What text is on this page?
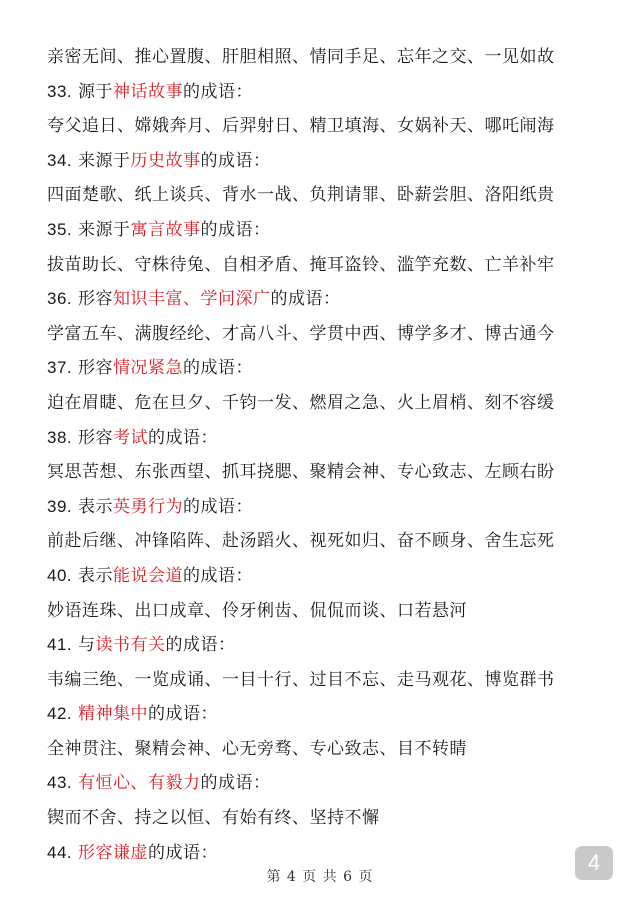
亲密无间、推心置腹、肝胆相照、情同手足、忘年之交、一见如故
33. 源于神话故事的成语：
夸父追日、嫦娥奔月、后羿射日、精卫填海、女娲补天、哪吒闹海
34. 来源于历史故事的成语：
四面楚歌、纸上谈兵、背水一战、负荆请罪、卧薪尝胆、洛阳纸贵
35. 来源于寓言故事的成语：
拔苗助长、守株待兔、自相矛盾、掩耳盗铃、滥竽充数、亡羊补牢
36. 形容知识丰富、学问深广的成语：
学富五车、满腹经纶、才高八斗、学贯中西、博学多才、博古通今
37. 形容情况紧急的成语：
迫在眉睫、危在旦夕、千钧一发、燃眉之急、火上眉梢、刻不容缓
38. 形容考试的成语：
冥思苦想、东张西望、抓耳挠腮、聚精会神、专心致志、左顾右盼
39. 表示英勇行为的成语：
前赴后继、冲锋陷阵、赴汤蹈火、视死如归、奋不顾身、舍生忘死
40. 表示能说会道的成语：
妙语连珠、出口成章、伶牙俐齿、侃侃而谈、口若悬河
41. 与读书有关的成语：
韦编三绝、一览成诵、一目十行、过目不忘、走马观花、博览群书
42. 精神集中的成语：
全神贯注、聚精会神、心无旁骛、专心致志、目不转睛
43. 有恒心、有毅力的成语：
锲而不舍、持之以恒、有始有终、坚持不懈
44. 形容谦虚的成语：
第 4 页 共 6 页
4
